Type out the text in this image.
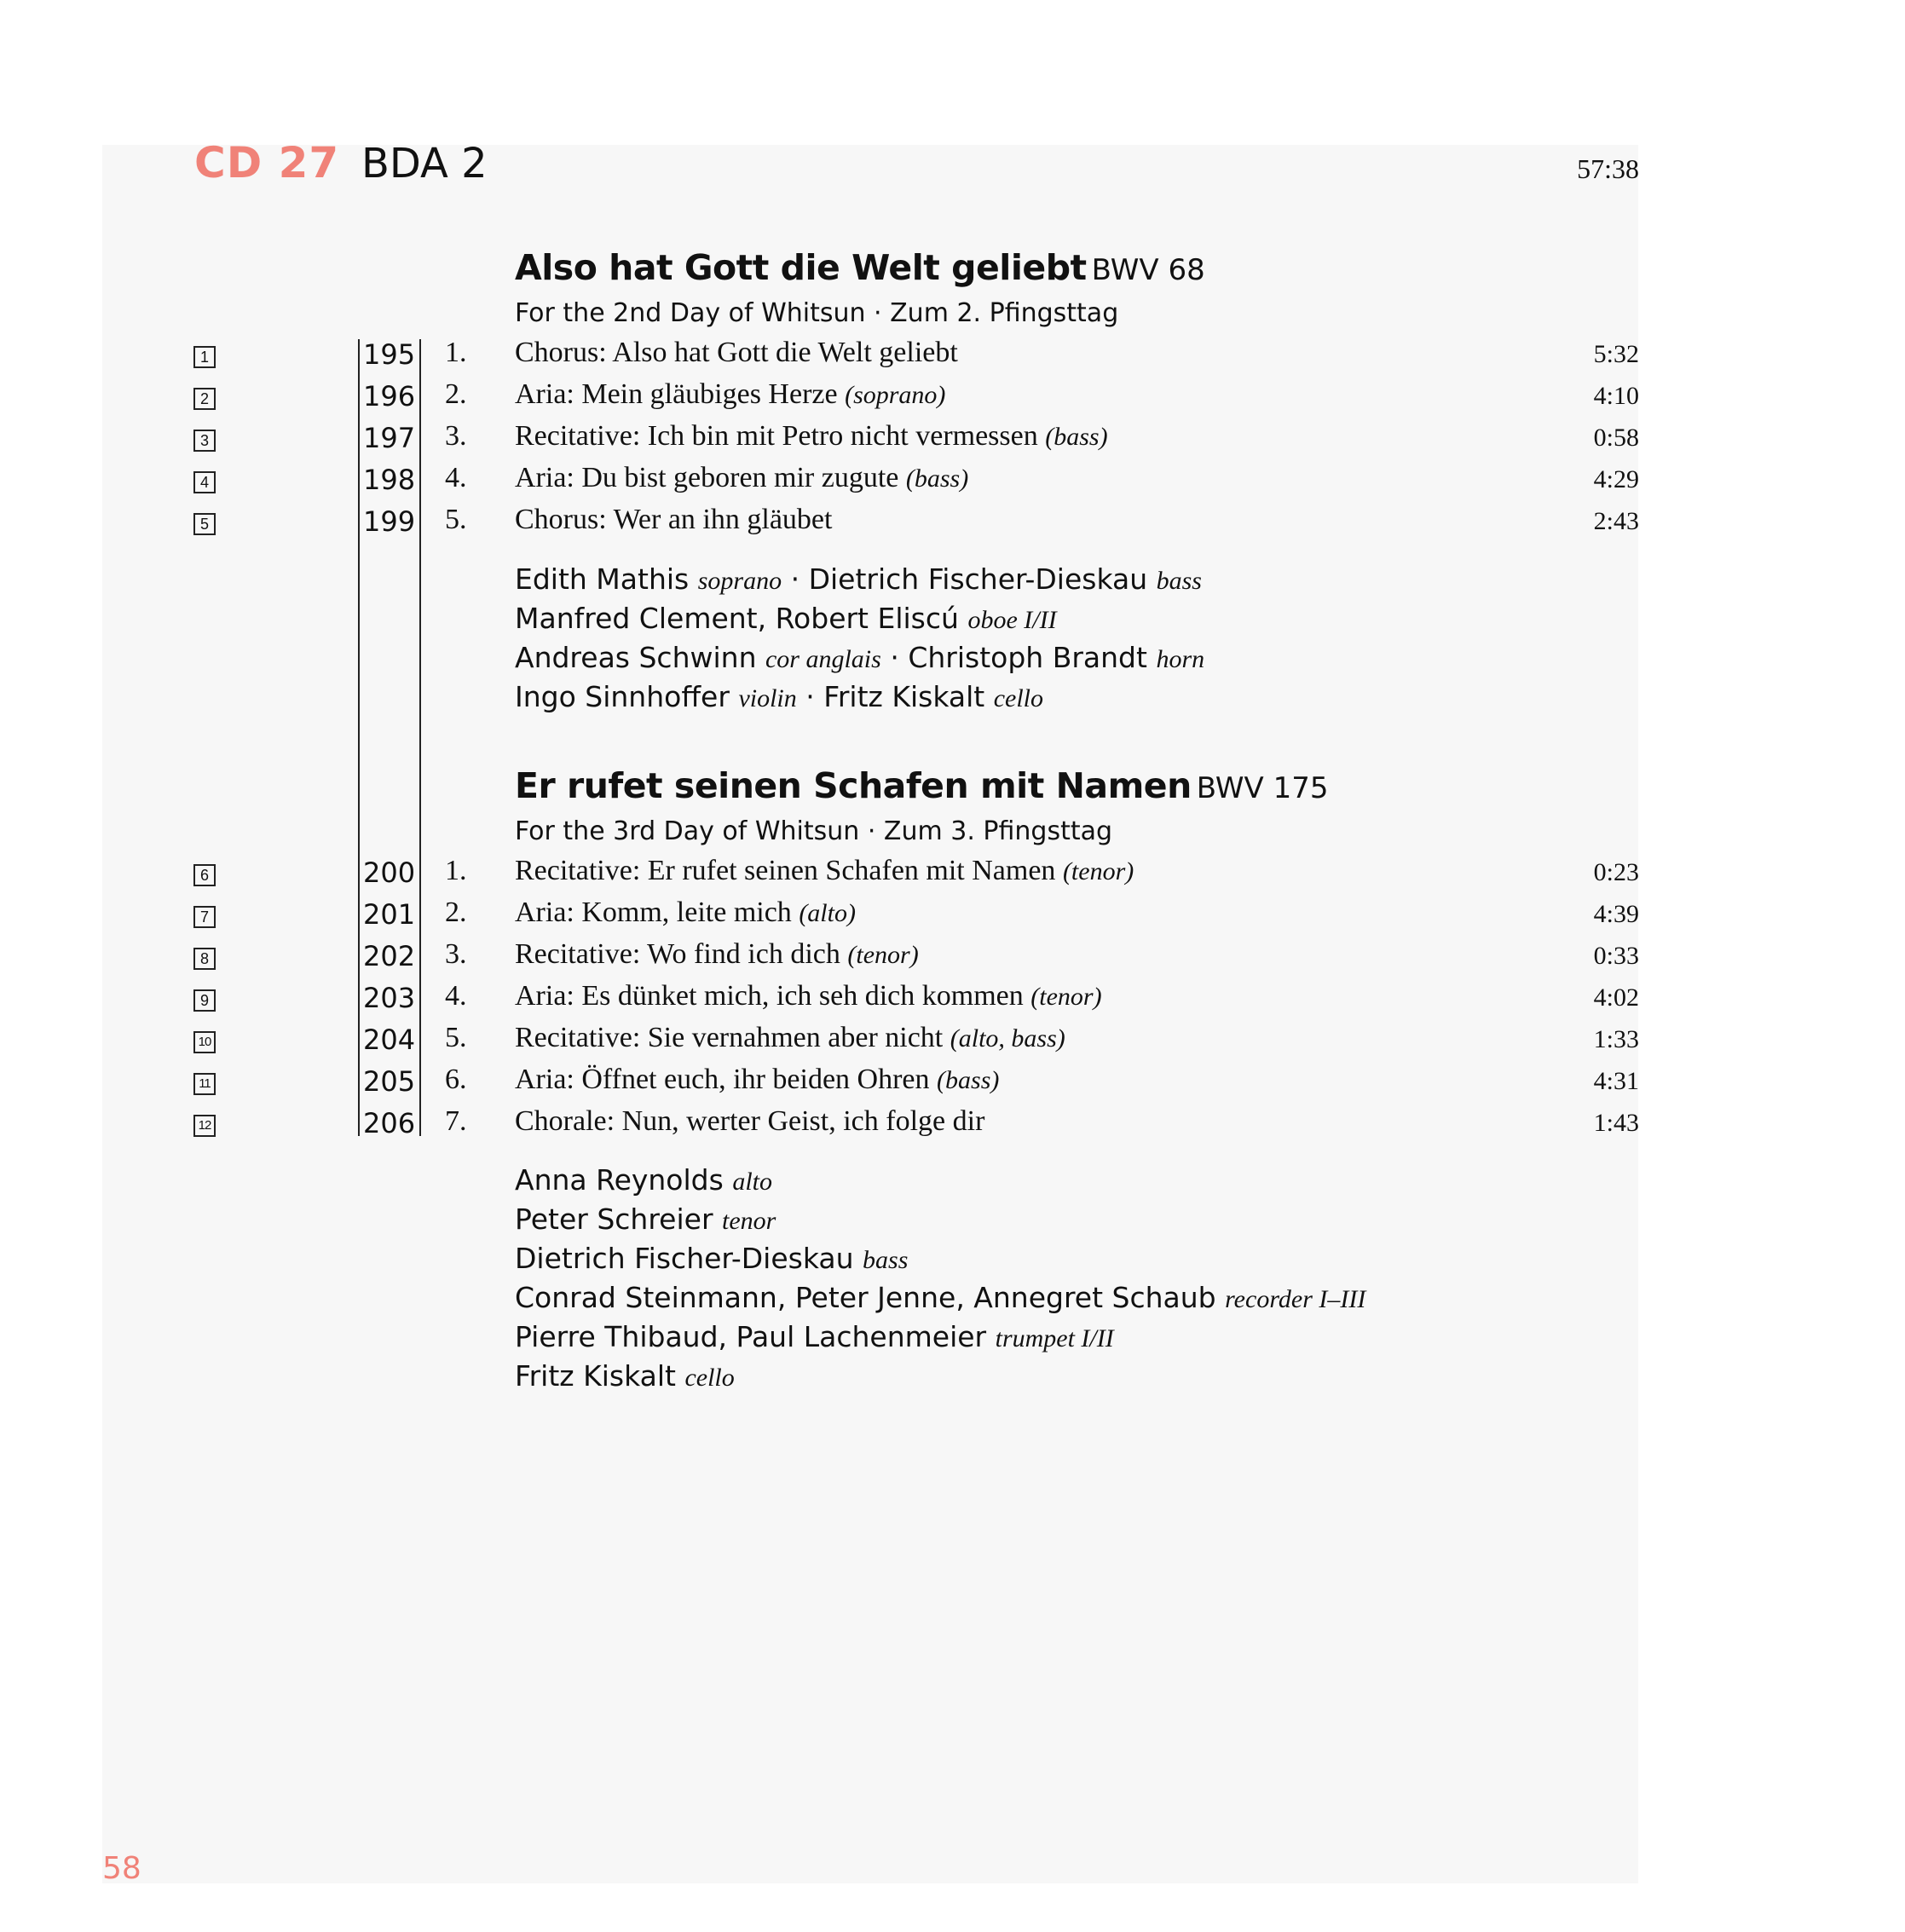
CD 27 BDA 2	57:38
Also hat Gott die Welt geliebt BWV 68
For the 2nd Day of Whitsun · Zum 2. Pfingsttag
1	195 1. Chorus: Also hat Gott die Welt geliebt	5:32
2	196 2. Aria: Mein gläubiges Herze (soprano)	4:10
3	197 3. Recitative: Ich bin mit Petro nicht vermessen (bass)	0:58
4	198 4. Aria: Du bist geboren mir zugute (bass)	4:29
5	199 5. Chorus: Wer an ihn gläubet	2:43
Edith Mathis soprano · Dietrich Fischer-Dieskau bass
Manfred Clement, Robert Eliscú oboe I/II
Andreas Schwinn cor anglais · Christoph Brandt horn
Ingo Sinnhoffer violin · Fritz Kiskalt cello
Er rufet seinen Schafen mit Namen BWV 175
For the 3rd Day of Whitsun · Zum 3. Pfingsttag
6	200 1. Recitative: Er rufet seinen Schafen mit Namen (tenor)	0:23
7	201 2. Aria: Komm, leite mich (alto)	4:39
8	202 3. Recitative: Wo find ich dich (tenor)	0:33
9	203 4. Aria: Es dünket mich, ich seh dich kommen (tenor)	4:02
10	204 5. Recitative: Sie vernahmen aber nicht (alto, bass)	1:33
11	205 6. Aria: Öffnet euch, ihr beiden Ohren (bass)	4:31
12	206 7. Chorale: Nun, werter Geist, ich folge dir	1:43
Anna Reynolds alto
Peter Schreier tenor
Dietrich Fischer-Dieskau bass
Conrad Steinmann, Peter Jenne, Annegret Schaub recorder I–III
Pierre Thibaud, Paul Lachenmeier trumpet I/II
Fritz Kiskalt cello
58
